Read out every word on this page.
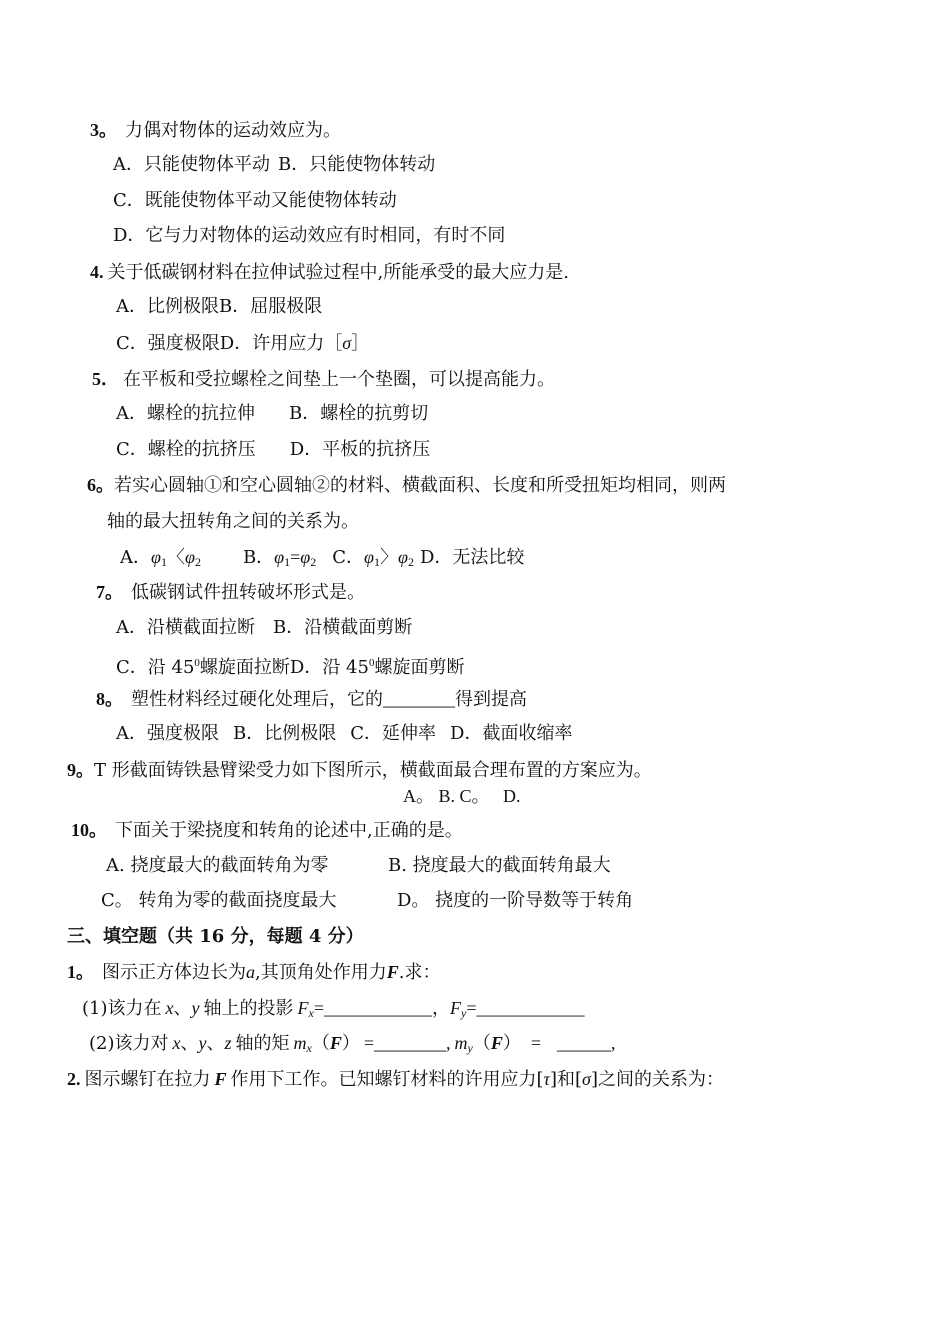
3。 力偶对物体的运动效应为。
A．只能使物体平动 B．只能使物体转动
C．既能使物体平动又能使物体转动
D．它与力对物体的运动效应有时相同，有时不同
4. 关于低碳钢材料在拉伸试验过程中,所能承受的最大应力是.
A．比例极限B．屈服极限
C．强度极限D．许用应力［σ］
5． 在平板和受拉螺栓之间垫上一个垫圈，可以提高能力。
A．螺栓的抗拉伸 B．螺栓的抗剪切
C．螺栓的抗挤压 D．平板的抗挤压
6。若实心圆轴①和空心圆轴②的材料、横截面积、长度和所受扭矩均相同，则两
轴的最大扭转角之间的关系为。
A．$\varphi_1$〈$\varphi_2$ B．$\varphi_1=\varphi_2$ C．$\varphi_1$〉$\varphi_2$ D．无法比较
7。 低碳钢试件扭转破坏形式是。
A．沿横截面拉断 B．沿横截面剪断
C．沿 $45^0$螺旋面拉断D．沿 $45^0$螺旋面剪断
8。 塑性材料经过硬化处理后，它的________得到提高
A．强度极限 B．比例极限 C．延伸率 D．截面收缩率
9。T 形截面铸铁悬臂梁受力如下图所示，横截面最合理布置的方案应为。
A。 B. C。   D.
10。 下面关于梁挠度和转角的论述中,正确的是。
A. 挠度最大的截面转角为零	B. 挠度最大的截面转角最大
C。 转角为零的截面挠度最大	D。 挠度的一阶导数等于转角
三、填空题（共 16 分，每题 4 分）
1。 图示正方体边长为a,其顶角处作用力F.求：
(1)该力在 x、y 轴上的投影 $F_x=\_\_\_\_\_\_\_\_\_\_\_\_$，$F_y=\_\_\_\_\_\_\_\_\_\_\_\_$
(2)该力对 x、y、z 轴的矩 $m_x(F)$ =________, $m_y(F)$ = ______,
2. 图示螺钉在拉力 F 作用下工作。已知螺钉材料的许用应力[τ]和[σ]之间的关系为：
